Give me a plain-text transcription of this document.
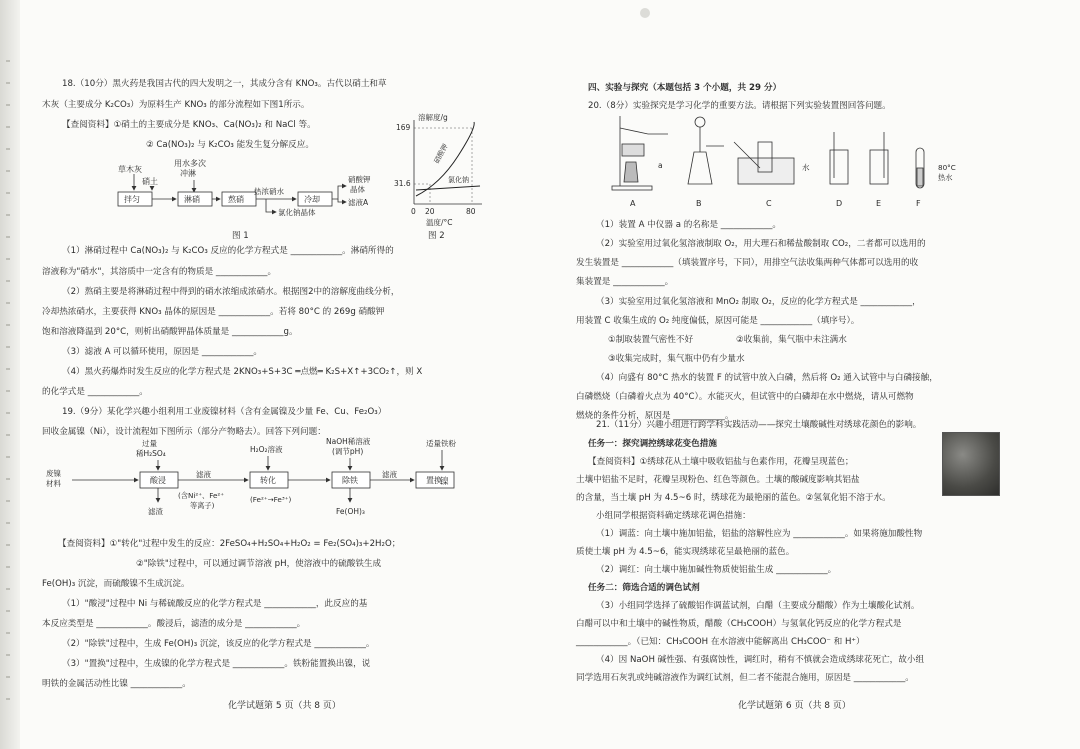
18.（10分）黑火药是我国古代的四大发明之一，其成分含有 KNO₃。古代以硝土和草
木灰（主要成分 K₂CO₃）为原料生产 KNO₃ 的部分流程如下图1所示。
【查阅资料】①硝土的主要成分是 KNO₃、Ca(NO₃)₂ 和 NaCl 等。
② Ca(NO₃)₂ 与 K₂CO₃ 能发生复分解反应。
草木灰
硝土
用水多次
冲淋
拌匀	淋硝	熬硝
热浓硝水
氯化钠晶体
冷却
硝酸钾
晶体
滤液A
图 1
溶解度/g
169
31.6
硝酸钾
氯化钠
0 20	80
温度/°C
图 2
（1）淋硝过程中 Ca(NO₃)₂ 与 K₂CO₃ 反应的化学方程式是 ____________。淋硝所得的
溶液称为"硝水"，其溶质中一定含有的物质是 ____________。
（2）熬硝主要是将淋硝过程中得到的硝水浓缩成浓硝水。根据图2中的溶解度曲线分析，
冷却热浓硝水，主要获得 KNO₃ 晶体的原因是 ____________。若将 80°C 的 269g 硝酸钾
饱和溶液降温到 20°C，则析出硝酸钾晶体质量是 ____________g。
（3）滤液 A 可以循环使用，原因是 ____________。
（4）黑火药爆炸时发生反应的化学方程式是 2KNO₃+S+3C ═点燃═ K₂S+X↑+3CO₂↑，则 X
的化学式是 ____________。
19.（9分）某化学兴趣小组利用工业废镍材料（含有金属镍及少量 Fe、Cu、Fe₂O₃）
回收金属镍（Ni），设计流程如下图所示（部分产物略去）。回答下列问题：
过量
稀H₂SO₄	H₂O₂溶液
NaOH稀溶液
(调节pH)
适量铁粉
废镍
材料	酸浸
滤液
转化	除铁
滤液
置换
(含Ni²⁺、Fe²⁺
等离子)
(Fe²⁺→Fe³⁺)
滤渣	Fe(OH)₃
镍
【查阅资料】①"转化"过程中发生的反应：2FeSO₄+H₂SO₄+H₂O₂ = Fe₂(SO₄)₃+2H₂O；
②"除铁"过程中，可以通过调节溶液 pH，使溶液中的硫酸铁生成
Fe(OH)₃ 沉淀，而硫酸镍不生成沉淀。
（1）"酸浸"过程中 Ni 与稀硫酸反应的化学方程式是 ____________，此反应的基
本反应类型是 ____________。酸浸后，滤渣的成分是 ____________。
（2）"除铁"过程中，生成 Fe(OH)₃ 沉淀，该反应的化学方程式是 ____________。
（3）"置换"过程中，生成镍的化学方程式是 ____________。铁粉能置换出镍，说
明铁的金属活动性比镍 ____________。
化学试题第 5 页（共 8 页）
四、实验与探究（本题包括 3 个小题，共 29 分）
20.（8分）实验探究是学习化学的重要方法。请根据下列实验装置图回答问题。
a	水	80°C
热水
A	B	C	D	E	F
（1）装置 A 中仪器 a 的名称是 ____________。
（2）实验室用过氧化氢溶液制取 O₂，用大理石和稀盐酸制取 CO₂，二者都可以选用的
发生装置是 ____________（填装置序号，下同），用排空气法收集两种气体都可以选用的收
集装置是 ____________。
（3）实验室用过氧化氢溶液和 MnO₂ 制取 O₂，反应的化学方程式是 ____________，
用装置 C 收集生成的 O₂ 纯度偏低，原因可能是 ____________（填序号）。
①制取装置气密性不好　　　　　②收集前，集气瓶中未注满水
③收集完成时，集气瓶中仍有少量水
（4）向盛有 80°C 热水的装置 F 的试管中放入白磷，然后将 O₂ 通入试管中与白磷接触，
白磷燃烧（白磷着火点为 40°C）。水能灭火，但试管中的白磷却在水中燃烧，请从可燃物
燃烧的条件分析，原因是 ____________。
21.（11分）兴趣小组进行跨学科实践活动——探究土壤酸碱性对绣球花颜色的影响。
任务一：探究调控绣球花变色措施
【查阅资料】①绣球花从土壤中吸收铝盐与色素作用，花瓣呈现蓝色；
土壤中铝盐不足时，花瓣呈现粉色、红色等颜色。土壤的酸碱度影响其铝盐
的含量，当土壤 pH 为 4.5~6 时，绣球花为最艳丽的蓝色。②氢氧化铝不溶于水。
小组同学根据资料确定绣球花调色措施：
（1）调蓝：向土壤中施加铝盐，铝盐的溶解性应为 ____________。如果将施加酸性物
质使土壤 pH 为 4.5~6，能实现绣球花呈最艳丽的蓝色。
（2）调红：向土壤中施加碱性物质使铝盐生成 ____________。
任务二：筛选合适的调色试剂
（3）小组同学选择了硫酸铝作调蓝试剂，白醋（主要成分醋酸）作为土壤酸化试剂。
白醋可以中和土壤中的碱性物质，醋酸（CH₃COOH）与氢氧化钙反应的化学方程式是
____________。（已知：CH₃COOH 在水溶液中能解离出 CH₃COO⁻ 和 H⁺）
（4）因 NaOH 碱性强、有强腐蚀性，调红时，稍有不慎就会造成绣球花死亡，故小组
同学选用石灰乳或纯碱溶液作为调红试剂，但二者不能混合施用，原因是 ____________。
化学试题第 6 页（共 8 页）
